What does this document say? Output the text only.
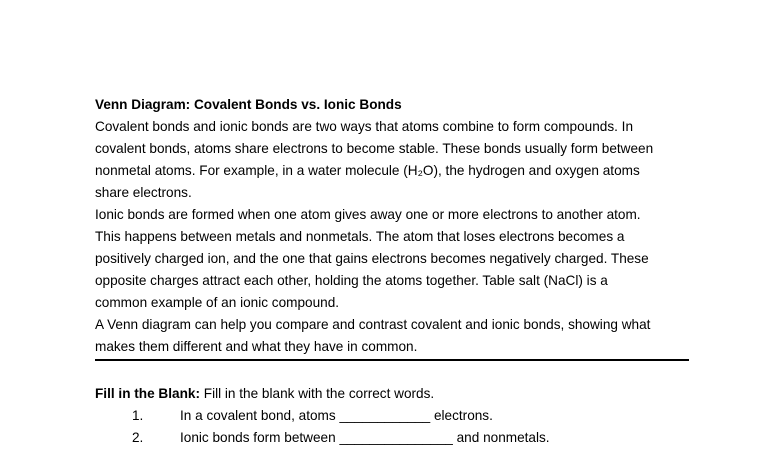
Venn Diagram: Covalent Bonds vs. Ionic Bonds
Covalent bonds and ionic bonds are two ways that atoms combine to form compounds. In
covalent bonds, atoms share electrons to become stable. These bonds usually form between
nonmetal atoms. For example, in a water molecule (H₂O), the hydrogen and oxygen atoms
share electrons.
Ionic bonds are formed when one atom gives away one or more electrons to another atom.
This happens between metals and nonmetals. The atom that loses electrons becomes a
positively charged ion, and the one that gains electrons becomes negatively charged. These
opposite charges attract each other, holding the atoms together. Table salt (NaCl) is a
common example of an ionic compound.
A Venn diagram can help you compare and contrast covalent and ionic bonds, showing what
makes them different and what they have in common.
Fill in the Blank: Fill in the blank with the correct words.
1.	In a covalent bond, atoms ____________ electrons.
2.	Ionic bonds form between _______________ and nonmetals.
